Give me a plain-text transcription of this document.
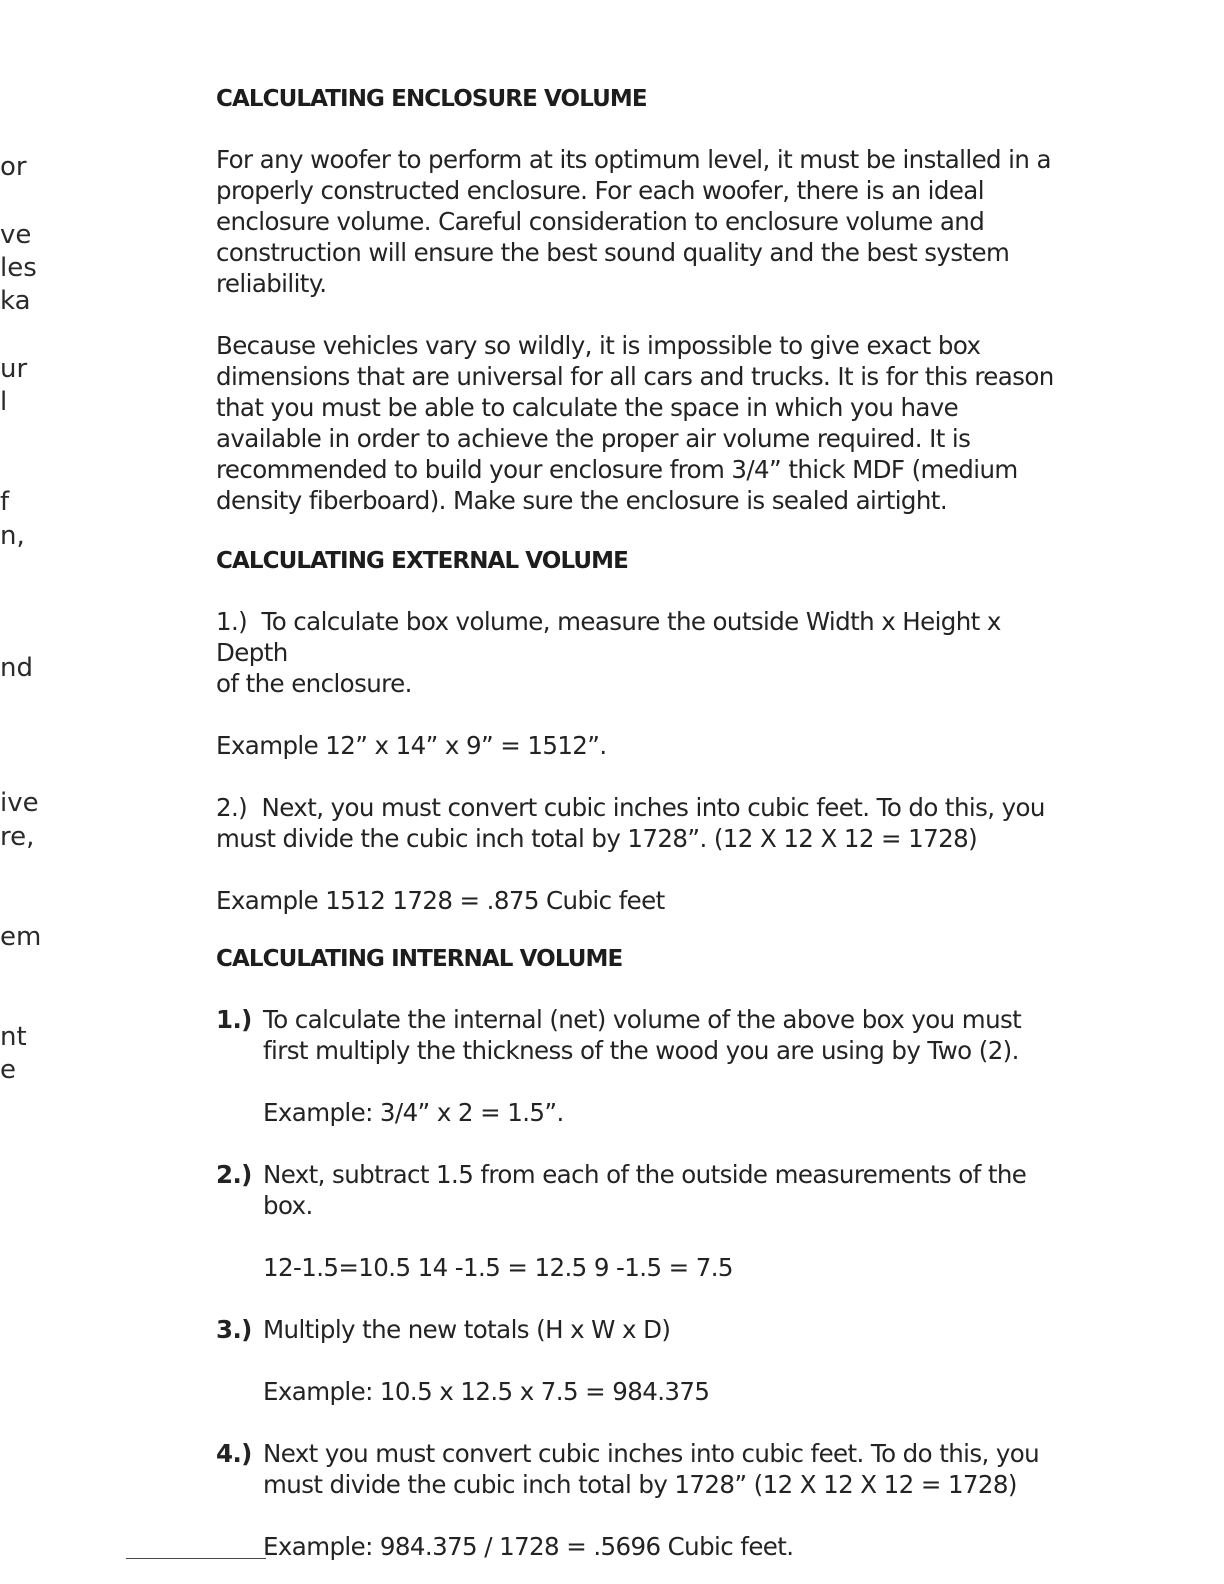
or
ve
les
ka
ur
l
f
n,
nd
ive
re,
em
nt
e
CALCULATING ENCLOSURE VOLUME

For any woofer to perform at its optimum level, it must be installed in a properly constructed enclosure. For each woofer, there is an ideal enclosure volume. Careful consideration to enclosure volume and construction will ensure the best sound quality and the best system reliability.

Because vehicles vary so wildly, it is impossible to give exact box dimensions that are universal for all cars and trucks. It is for this reason that you must be able to calculate the space in which you have available in order to achieve the proper air volume required. It is recommended to build your enclosure from 3/4” thick MDF (medium density fiberboard). Make sure the enclosure is sealed airtight.

CALCULATING EXTERNAL VOLUME
1.) To calculate box volume, measure the outside Width x Height x Depth
of the enclosure.

Example 12” x 14” x 9” = 1512”.

2.) Next, you must convert cubic inches into cubic feet. To do this, you
must divide the cubic inch total by 1728”. (12 X 12 X 12 = 1728)

Example 1512 1728 = .875 Cubic feet

CALCULATING INTERNAL VOLUME
1.) To calculate the internal (net) volume of the above box you must first multiply the thickness of the wood you are using by Two (2).

Example: 3/4” x 2 = 1.5”.

2.) Next, subtract 1.5 from each of the outside measurements of the box.

12-1.5=10.5 14 -1.5 = 12.5 9 -1.5 = 7.5

3.) Multiply the new totals (H x W x D)

Example: 10.5 x 12.5 x 7.5 = 984.375

4.) Next you must convert cubic inches into cubic feet. To do this, you must divide the cubic inch total by 1728” (12 X 12 X 12 = 1728)

Example: 984.375 / 1728 = .5696 Cubic feet.
